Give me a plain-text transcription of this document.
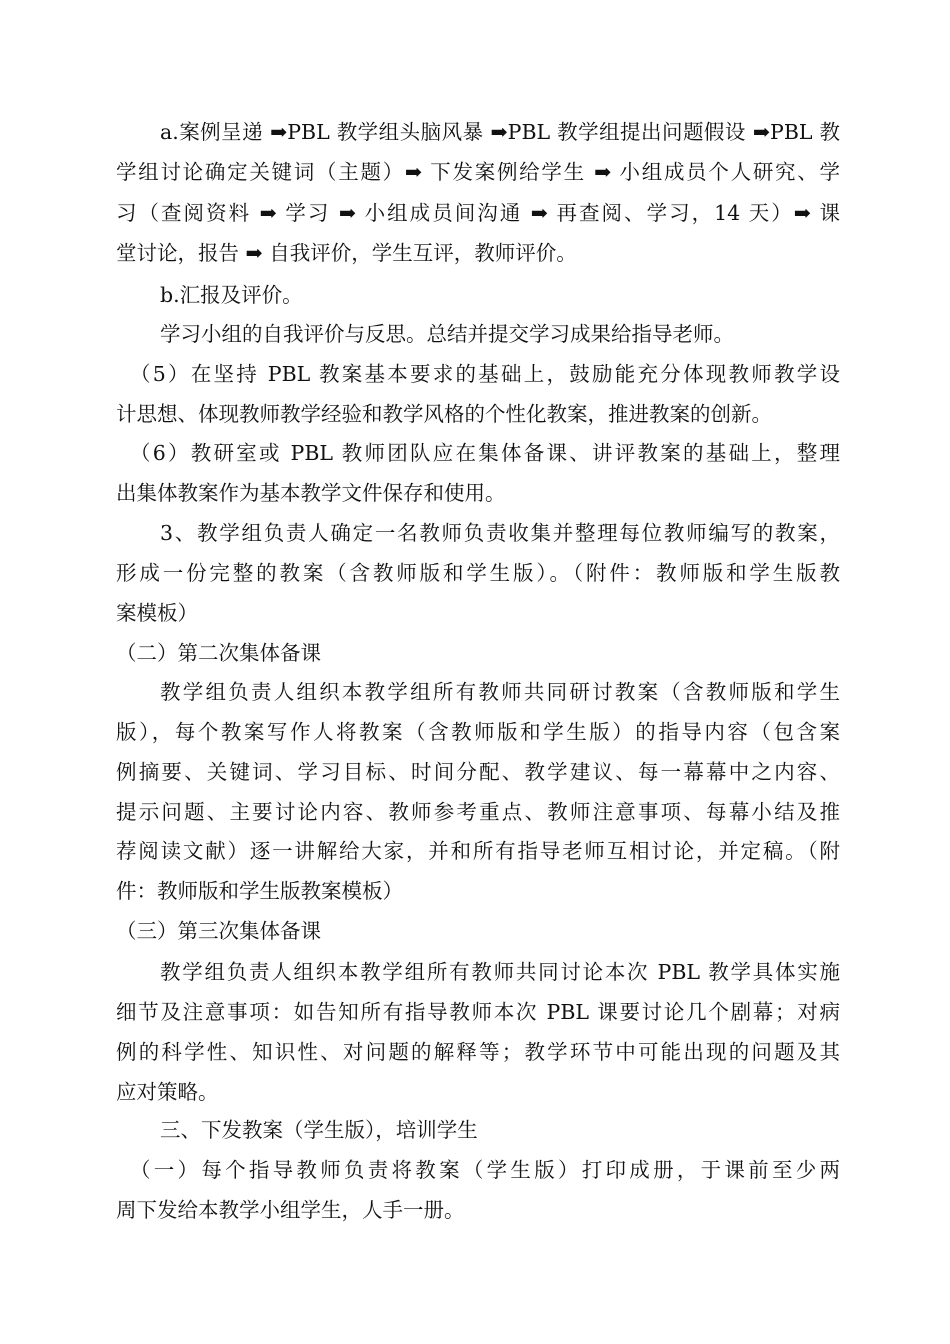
a.案例呈递 ➡PBL 教学组头脑风暴 ➡PBL 教学组提出问题假设 ➡PBL 教
学组讨论确定关键词（主题）➡ 下发案例给学生 ➡ 小组成员个人研究、学
习（查阅资料 ➡ 学习 ➡ 小组成员间沟通 ➡ 再查阅、学习，14 天）➡ 课
堂讨论，报告 ➡ 自我评价，学生互评，教师评价。
b.汇报及评价。
学习小组的自我评价与反思。总结并提交学习成果给指导老师。
（5）在坚持 PBL 教案基本要求的基础上，鼓励能充分体现教师教学设
计思想、体现教师教学经验和教学风格的个性化教案，推进教案的创新。
（6）教研室或 PBL 教师团队应在集体备课、讲评教案的基础上，整理
出集体教案作为基本教学文件保存和使用。
3、教学组负责人确定一名教师负责收集并整理每位教师编写的教案，
形成一份完整的教案（含教师版和学生版）。（附件：教师版和学生版教
案模板）
（二）第二次集体备课
教学组负责人组织本教学组所有教师共同研讨教案（含教师版和学生
版），每个教案写作人将教案（含教师版和学生版）的指导内容（包含案
例摘要、关键词、学习目标、时间分配、教学建议、每一幕幕中之内容、
提示问题、主要讨论内容、教师参考重点、教师注意事项、每幕小结及推
荐阅读文献）逐一讲解给大家，并和所有指导老师互相讨论，并定稿。（附
件：教师版和学生版教案模板）
（三）第三次集体备课
教学组负责人组织本教学组所有教师共同讨论本次 PBL 教学具体实施
细节及注意事项：如告知所有指导教师本次 PBL 课要讨论几个剧幕；对病
例的科学性、知识性、对问题的解释等；教学环节中可能出现的问题及其
应对策略。
三、下发教案（学生版），培训学生
（一）每个指导教师负责将教案（学生版）打印成册，于课前至少两
周下发给本教学小组学生，人手一册。
